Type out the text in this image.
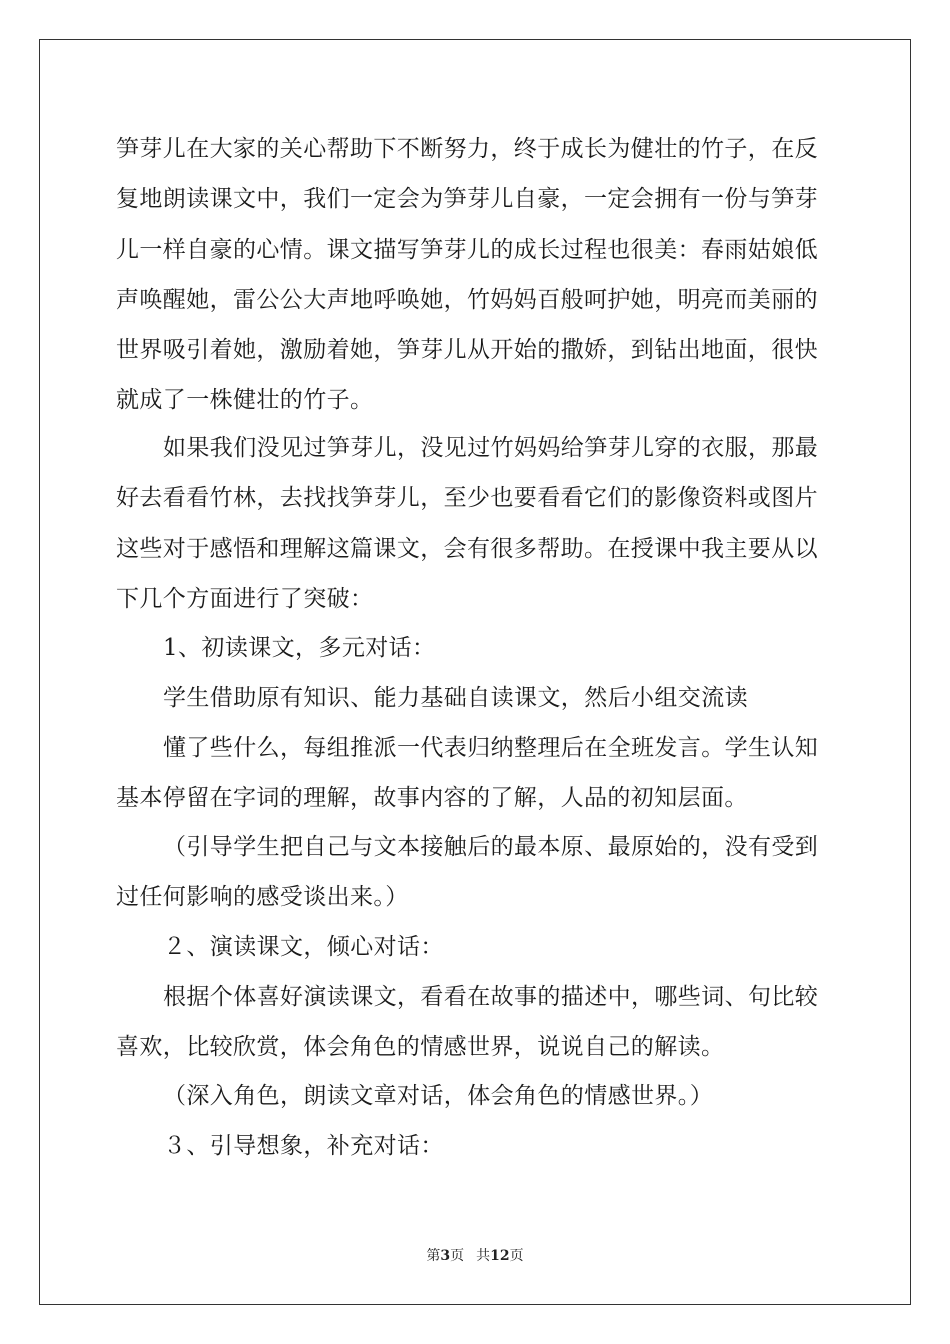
笋芽儿在大家的关心帮助下不断努力，终于成长为健壮的竹子，在反
复地朗读课文中，我们一定会为笋芽儿自豪，一定会拥有一份与笋芽
儿一样自豪的心情。课文描写笋芽儿的成长过程也很美：春雨姑娘低
声唤醒她，雷公公大声地呼唤她，竹妈妈百般呵护她，明亮而美丽的
世界吸引着她，激励着她，笋芽儿从开始的撒娇，到钻出地面，很快
就成了一株健壮的竹子。
如果我们没见过笋芽儿，没见过竹妈妈给笋芽儿穿的衣服，那最
好去看看竹林，去找找笋芽儿，至少也要看看它们的影像资料或图片
这些对于感悟和理解这篇课文，会有很多帮助。在授课中我主要从以
下几个方面进行了突破：
1、初读课文，多元对话：
学生借助原有知识、能力基础自读课文，然后小组交流读
懂了些什么，每组推派一代表归纳整理后在全班发言。学生认知
基本停留在字词的理解，故事内容的了解，人品的初知层面。
（引导学生把自己与文本接触后的最本原、最原始的，没有受到
过任何影响的感受谈出来。）
２、演读课文，倾心对话：
根据个体喜好演读课文，看看在故事的描述中，哪些词、句比较
喜欢，比较欣赏，体会角色的情感世界，说说自己的解读。
（深入角色，朗读文章对话，体会角色的情感世界。）
３、引导想象，补充对话：
第3页 共12页
